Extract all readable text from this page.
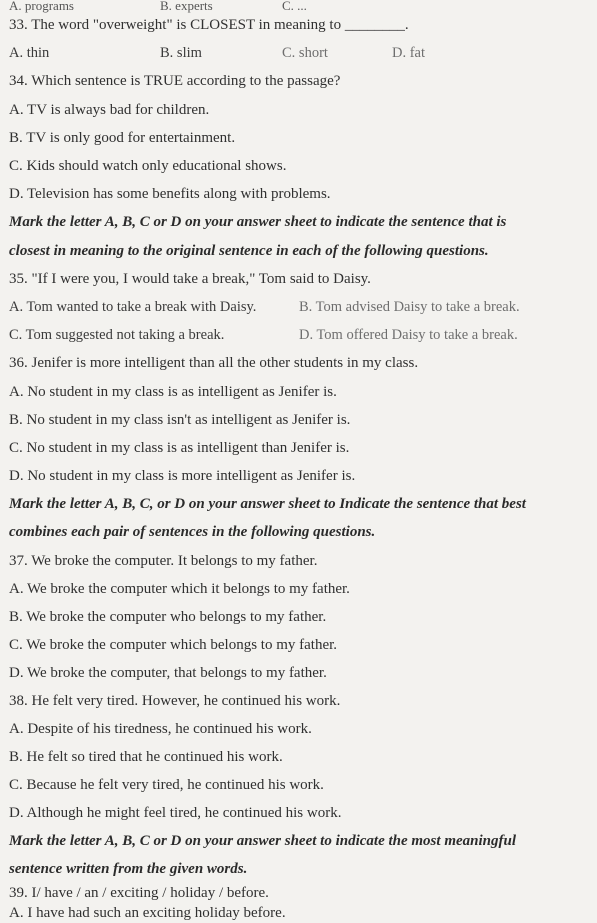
A. programs	B. experts	C. ...
33. The word "overweight" is CLOSEST in meaning to ________.
A. thin	B. slim	C. short	D. fat
34. Which sentence is TRUE according to the passage?
A. TV is always bad for children.
B. TV is only good for entertainment.
C. Kids should watch only educational shows.
D. Television has some benefits along with problems.
Mark the letter A, B, C or D on your answer sheet to indicate the sentence that is
closest in meaning to the original sentence in each of the following questions.
35. "If I were you, I would take a break," Tom said to Daisy.
A. Tom wanted to take a break with Daisy.	B. Tom advised Daisy to take a break.
C. Tom suggested not taking a break.	D. Tom offered Daisy to take a break.
36. Jenifer is more intelligent than all the other students in my class.
A. No student in my class is as intelligent as Jenifer is.
B. No student in my class isn't as intelligent as Jenifer is.
C. No student in my class is as intelligent than Jenifer is.
D. No student in my class is more intelligent as Jenifer is.
Mark the letter A, B, C, or D on your answer sheet to Indicate the sentence that best
combines each pair of sentences in the following questions.
37. We broke the computer. It belongs to my father.
A. We broke the computer which it belongs to my father.
B. We broke the computer who belongs to my father.
C. We broke the computer which belongs to my father.
D. We broke the computer, that belongs to my father.
38. He felt very tired. However, he continued his work.
A. Despite of his tiredness, he continued his work.
B. He felt so tired that he continued his work.
C. Because he felt very tired, he continued his work.
D. Although he might feel tired, he continued his work.
Mark the letter A, B, C or D on your answer sheet to indicate the most meaningful
sentence written from the given words.
39. I/ have / an / exciting / holiday / before.
A. I have had such an exciting holiday before.
